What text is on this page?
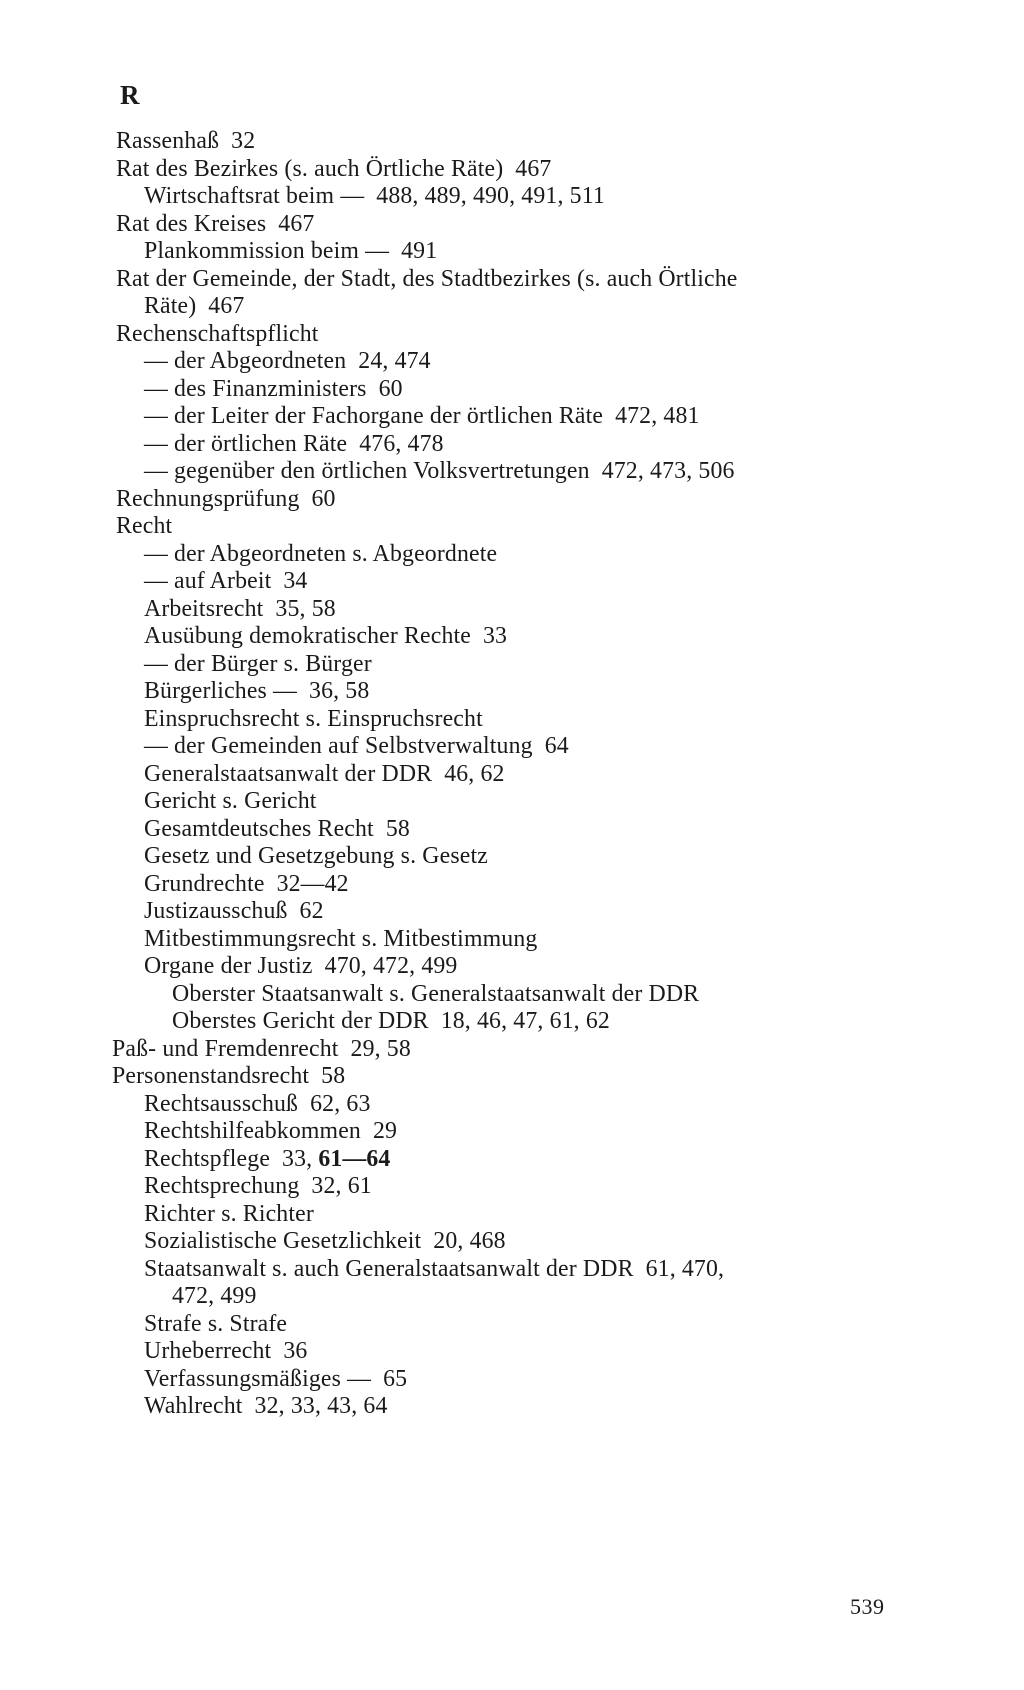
R
Rassenhaß 32
Rat des Bezirkes (s. auch Örtliche Räte) 467
Wirtschaftsrat beim — 488, 489, 490, 491, 511
Rat des Kreises 467
Plankommission beim — 491
Rat der Gemeinde, der Stadt, des Stadtbezirkes (s. auch Örtliche
Räte) 467
Rechenschaftspflicht
— der Abgeordneten 24, 474
— des Finanzministers 60
— der Leiter der Fachorgane der örtlichen Räte 472, 481
— der örtlichen Räte 476, 478
— gegenüber den örtlichen Volksvertretungen 472, 473, 506
Rechnungsprüfung 60
Recht
— der Abgeordneten s. Abgeordnete
— auf Arbeit 34
Arbeitsrecht 35, 58
Ausübung demokratischer Rechte 33
— der Bürger s. Bürger
Bürgerliches — 36, 58
Einspruchsrecht s. Einspruchsrecht
— der Gemeinden auf Selbstverwaltung 64
Generalstaatsanwalt der DDR 46, 62
Gericht s. Gericht
Gesamtdeutsches Recht 58
Gesetz und Gesetzgebung s. Gesetz
Grundrechte 32—42
Justizausschuß 62
Mitbestimmungsrecht s. Mitbestimmung
Organe der Justiz 470, 472, 499
Oberster Staatsanwalt s. Generalstaatsanwalt der DDR
Oberstes Gericht der DDR 18, 46, 47, 61, 62
Paß- und Fremdenrecht 29, 58
Personenstandsrecht 58
Rechtsausschuß 62, 63
Rechtshilfeabkommen 29
Rechtspflege 33, 61—64
Rechtsprechung 32, 61
Richter s. Richter
Sozialistische Gesetzlichkeit 20, 468
Staatsanwalt s. auch Generalstaatsanwalt der DDR 61, 470,
472, 499
Strafe s. Strafe
Urheberrecht 36
Verfassungsmäßiges — 65
Wahlrecht 32, 33, 43, 64
539
